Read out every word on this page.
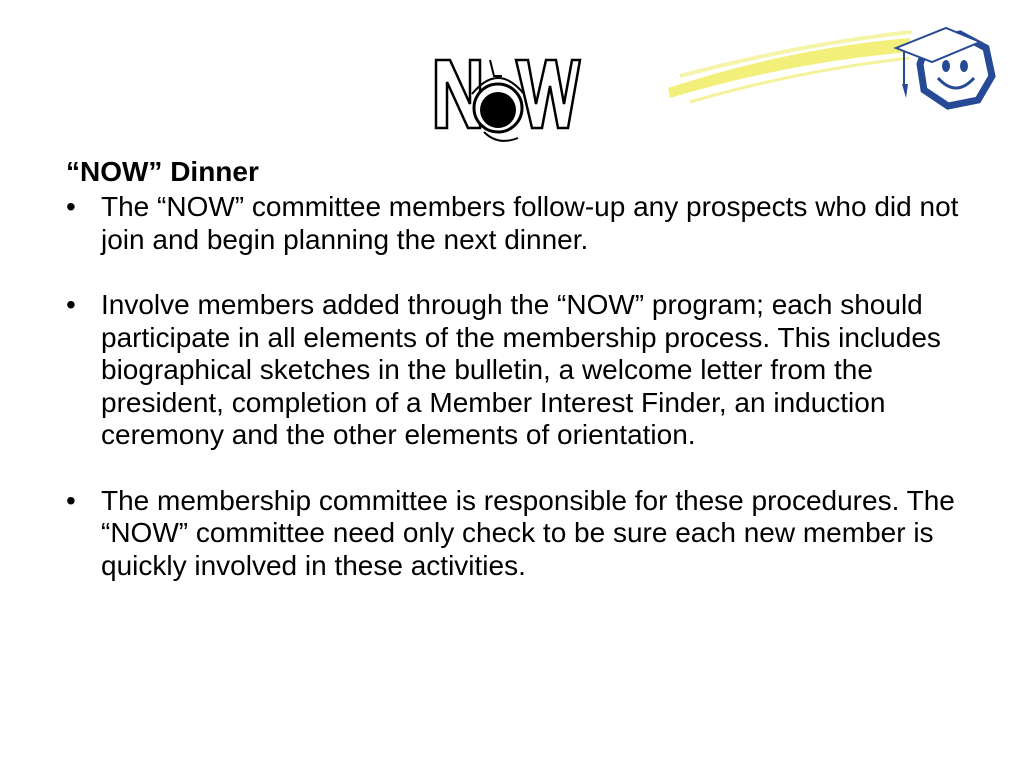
“NOW” Dinner
• The “NOW” committee members follow-up any prospects who did not join and begin planning the next dinner.
• Involve members added through the “NOW” program; each should participate in all elements of the membership process. This includes biographical sketches in the bulletin, a welcome letter from the president, completion of a Member Interest Finder, an induction ceremony and the other elements of orientation.
• The membership committee is responsible for these procedures. The “NOW” committee need only check to be sure each new member is quickly involved in these activities.
